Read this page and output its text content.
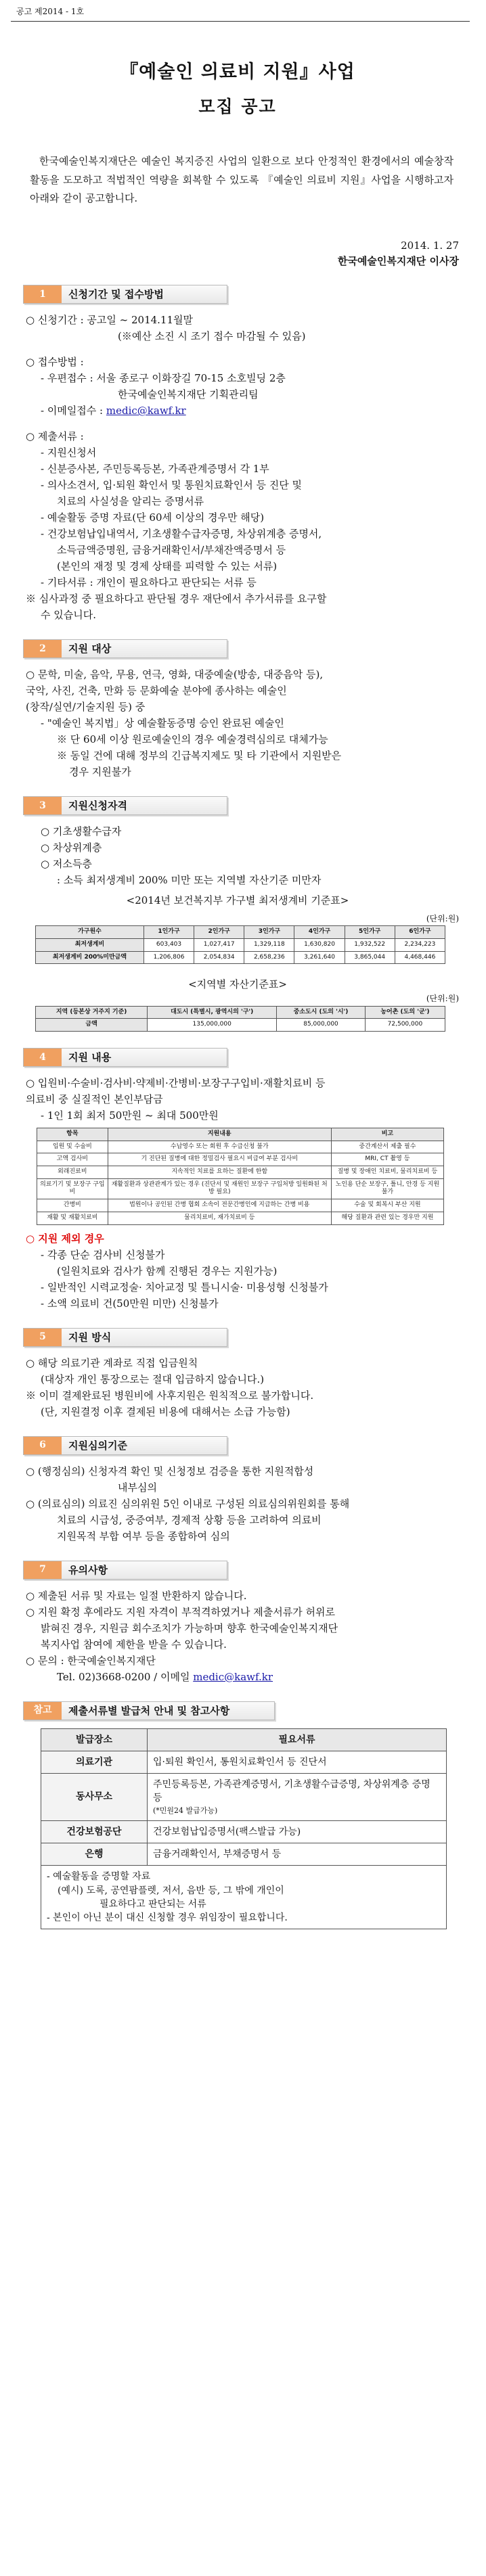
공고 제2014 - 1호
『예술인 의료비 지원』사업
모집 공고

한국예술인복지재단은 예술인 복지증진 사업의 일환으로 보다 안정적인 환경에서의 예술창작활동을 도모하고 적법적인 역량을 회복할 수 있도록 『예술인 의료비 지원』사업을 시행하고자 아래와 같이 공고합니다.

2014. 1. 27
한국예술인복지재단 이사장
1	신청기간 및 접수방법

○ 신청기간 : 공고일 ~ 2014.11월말

(※예산 소진 시 조기 접수 마감될 수 있음)

○ 접수방법 :

- 우편접수 : 서울 종로구 이화장길 70-15 소호빌딩 2층

한국예술인복지재단 기획관리팀

- 이메일접수 : medic@kawf.kr

○ 제출서류 :

- 지원신청서

- 신분증사본, 주민등록등본, 가족관계증명서 각 1부

- 의사소견서, 입·퇴원 확인서 및 통원치료확인서 등 진단 및

치료의 사실성을 알리는 증명서류

- 예술활동 증명 자료(단 60세 이상의 경우만 해당)

- 건강보험납입내역서, 기초생활수급자증명, 차상위계층 증명서,

소득금액증명원, 금융거래확인서/부채잔액증명서 등

(본인의 재정 및 경제 상태를 피력할 수 있는 서류)

- 기타서류 : 개인이 필요하다고 판단되는 서류 등

※ 심사과정 중 필요하다고 판단될 경우 재단에서 추가서류를 요구할

수 있습니다.

2	지원 대상

○ 문학, 미술, 음악, 무용, 연극, 영화, 대중예술(방송, 대중음악 등),

국악, 사진, 건축, 만화 등 문화예술 분야에 종사하는 예술인

(창작/실연/기술지원 등) 중

- "예술인 복지법」상 예술활동증명 승인 완료된 예술인

※ 단 60세 이상 원로예술인의 경우 예술경력심의로 대체가능

※ 동일 건에 대해 정부의 긴급복지제도 및 타 기관에서 지원받은

경우 지원불가

3	지원신청자격

○ 기초생활수급자

○ 차상위계층

○ 저소득층

: 소득 최저생계비 200% 미만 또는 지역별 자산기준 미만자

<2014년 보건복지부 가구별 최저생계비 기준표>

(단위:원)

가구원수	1인가구	2인가구	3인가구	4인가구	5인가구	6인가구
최저생계비	603,403	1,027,417	1,329,118	1,630,820	1,932,522	2,234,223
최저생계비 200%미만금액	1,206,806	2,054,834	2,658,236	3,261,640	3,865,044	4,468,446

<지역별 자산기준표>

(단위:원)

지역 (등본상 거주지 기준)	대도시 (특별시, 광역시의 '구')	중소도시 (도의 '시')	농어촌 (도의 '군')
금액	135,000,000	85,000,000	72,500,000
4	지원 내용

○ 입원비·수술비·검사비·약제비·간병비·보장구구입비·재활치료비 등

의료비 중 실질적인 본인부담금

- 1인 1회 최저 50만원 ~ 최대 500만원

항목	지원내용	비고
입원 및 수술비	수납영수 또는 회원 후 수급신청 불가	중간계산서 제출 필수
고액 검사비	기 진단된 질병에 대한 정밀검사 필요시 비급여 부분 검사비	MRI, CT 촬영 등
외래진료비	지속적인 치료를 요하는 질환에 한함	질병 및 장애인 치료비, 물리치료비 등
의료기기 및 보장구 구입비	재활질환과 상관관계가 있는 경우 (진단서 및 재원인 보장구 구입처방 일원화된 처방 필요)	노인용 단순 보장구, 틀니, 안경 등 지원불가
간병비	법원이나 공인된 간병 협회 소속이 전문간병인에 지급하는 간병 비용	수술 및 회복시 부산 지원
재활 및 재활치료비	물리치료비, 재가치료비 등	해당 질환과 관련 있는 경우만 지원

○ 지원 제외 경우

- 각종 단순 검사비 신청불가

(일원치료와 검사가 함께 진행된 경우는 지원가능)

- 일반적인 시력교정술· 치아교정 및 틀니시술· 미용성형 신청불가

- 소액 의료비 건(50만원 미만) 신청불가

5	지원 방식

○ 해당 의료기관 계좌로 직접 입금원칙

(대상자 개인 통장으로는 절대 입금하지 않습니다.)

※ 이미 결제완료된 병원비에 사후지원은 원칙적으로 불가합니다.

(단, 지원결정 이후 결제된 비용에 대해서는 소급 가능함)

6	지원심의기준

○ (행정심의) 신청자격 확인 및 신청정보 검증을 통한 지원적합성

내부심의

○ (의료심의) 의료진 심의위원 5인 이내로 구성된 의료심의위원회를 통해

치료의 시급성, 중증여부, 경제적 상황 등을 고려하여 의료비

지원목적 부합 여부 등을 종합하여 심의

7	유의사항

○ 제출된 서류 및 자료는 일절 반환하지 않습니다.

○ 지원 확정 후에라도 지원 자격이 부적격하였거나 제출서류가 허위로

밝혀진 경우, 지원금 회수조치가 가능하며 향후 한국예술인복지재단

복지사업 참여에 제한을 받을 수 있습니다.

○ 문의 : 한국예술인복지재단

Tel. 02)3668-0200 / 이메일 medic@kawf.kr

참고	제출서류별 발급처 안내 및 참고사항
발급장소	필요서류
의료기관	입·퇴원 확인서, 통원치료확인서 등 진단서
동사무소	주민등록등본, 가족관계증명서, 기초생활수급증명, 차상위계층 증명 등
(*민원24 발급가능)

건강보험공단	건강보험납입증명서(팩스발급 가능)
은행	금융거래확인서, 부채증명서 등

- 예술활동을 증명할 자료
(예시) 도록, 공연팜플렛, 저서, 음반 등, 그 밖에 개인이
필요하다고 판단되는 서류
- 본인이 아닌 분이 대신 신청할 경우 위임장이 필요합니다.	
